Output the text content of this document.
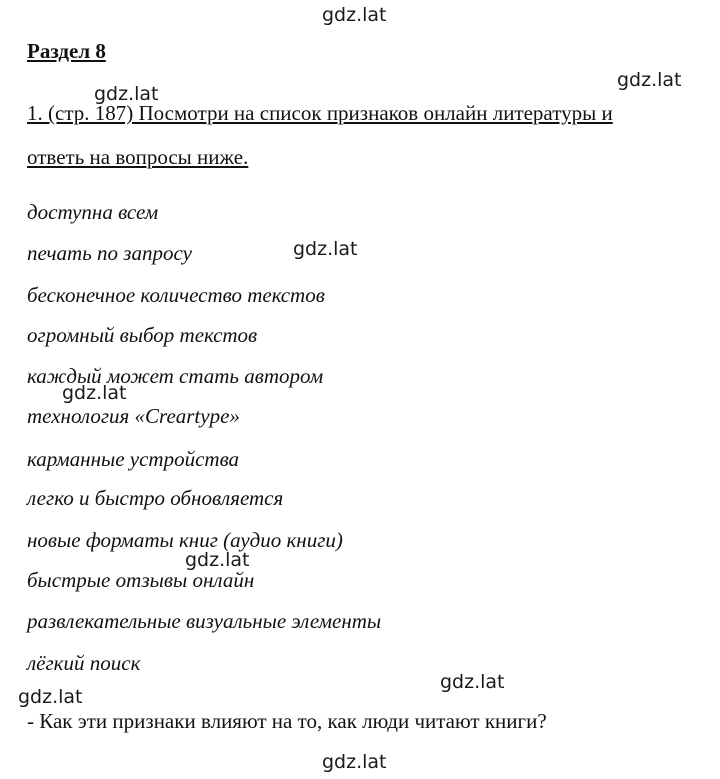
Раздел 8
1. (стр. 187) Посмотри на список признаков онлайн литературы и
ответь на вопросы ниже.
доступна всем
печать по запросу
бесконечное количество текстов
огромный выбор текстов
каждый может стать автором
технология «Creartype»
карманные устройства
легко и быстро обновляется
новые форматы книг (аудио книги)
быстрые отзывы онлайн
развлекательные визуальные элементы
лёгкий поиск
- Как эти признаки влияют на то, как люди читают книги?
gdz.lat
gdz.lat
gdz.lat
gdz.lat
gdz.lat
gdz.lat
gdz.lat
gdz.lat
gdz.lat
